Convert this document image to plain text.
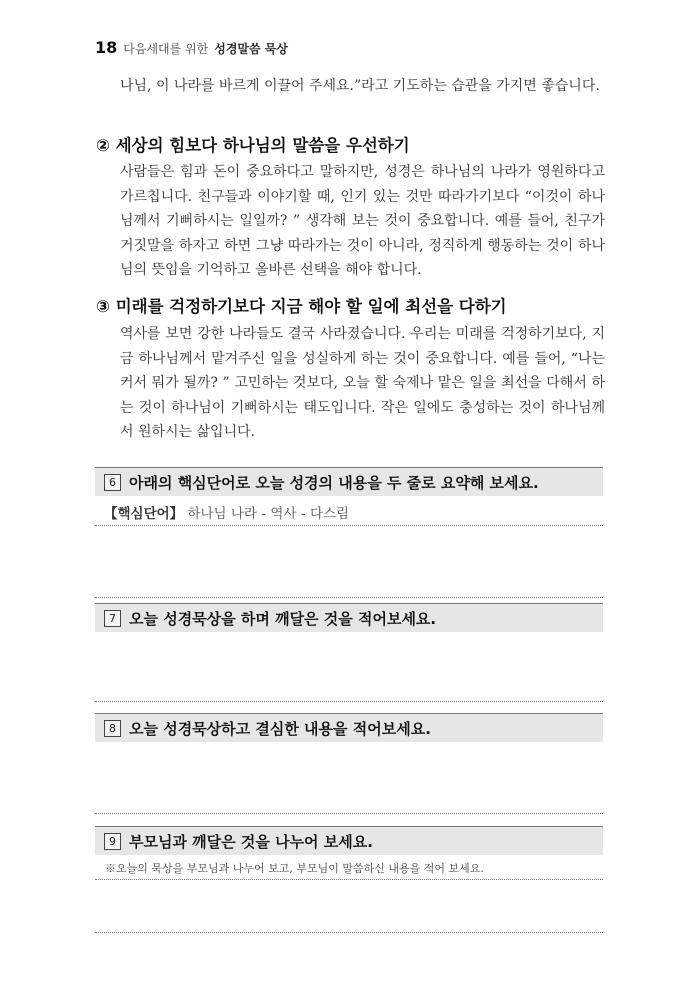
18 다음세대를 위한 성경말씀 묵상

나님, 이 나라를 바르게 이끌어 주세요.”라고 기도하는 습관을 가지면 좋습니다.

② 세상의 힘보다 하나님의 말씀을 우선하기

사람들은 힘과 돈이 중요하다고 말하지만, 성경은 하나님의 나라가 영원하다고 가르칩니다. 친구들과 이야기할 때, 인기 있는 것만 따라가기보다 “이것이 하나님께서 기뻐하시는 일일까? ” 생각해 보는 것이 중요합니다. 예를 들어, 친구가 거짓말을 하자고 하면 그냥 따라가는 것이 아니라, 정직하게 행동하는 것이 하나님의 뜻임을 기억하고 올바른 선택을 해야 합니다.

③ 미래를 걱정하기보다 지금 해야 할 일에 최선을 다하기

역사를 보면 강한 나라들도 결국 사라졌습니다. 우리는 미래를 걱정하기보다, 지금 하나님께서 맡겨주신 일을 성실하게 하는 것이 중요합니다. 예를 들어, “나는 커서 뭐가 될까? ” 고민하는 것보다, 오늘 할 숙제나 맡은 일을 최선을 다해서 하는 것이 하나님이 기뻐하시는 태도입니다. 작은 일에도 충성하는 것이 하나님께서 원하시는 삶입니다.

6 아래의 핵심단어로 오늘 성경의 내용을 두 줄로 요약해 보세요.
【핵심단어】 하나님 나라 - 역사 - 다스림
7 오늘 성경묵상을 하며 깨달은 것을 적어보세요.
8 오늘 성경묵상하고 결심한 내용을 적어보세요.
9 부모님과 깨달은 것을 나누어 보세요.
※오늘의 묵상을 부모님과 나누어 보고, 부모님이 말씀하신 내용을 적어 보세요.
